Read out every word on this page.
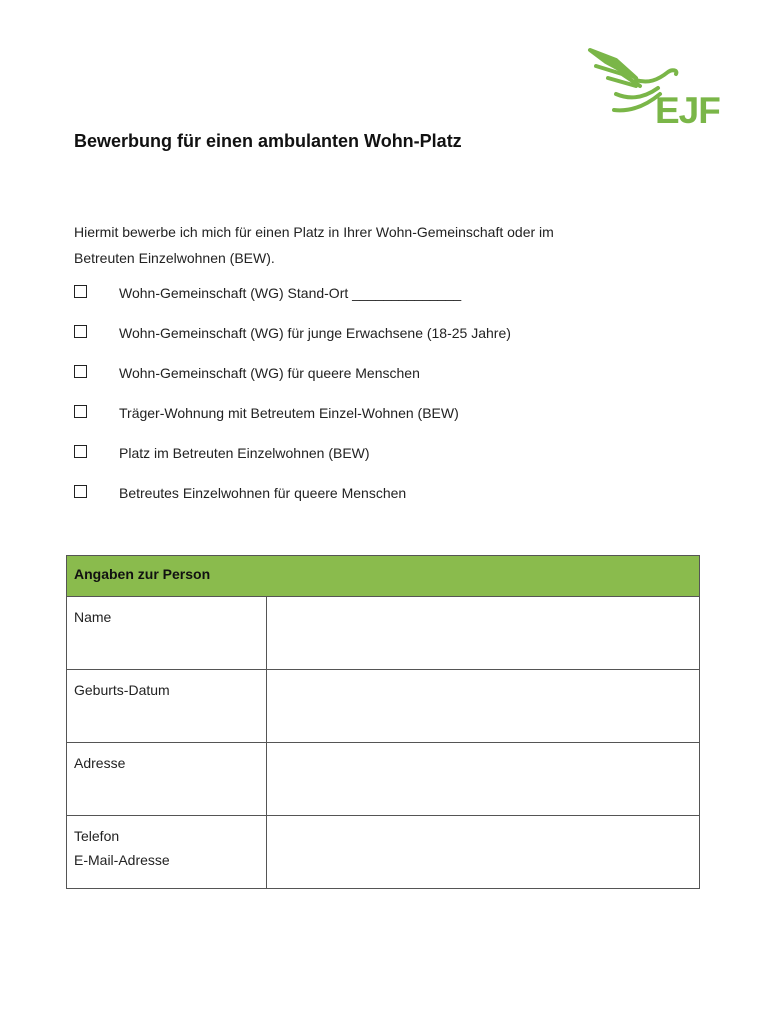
EJF
Bewerbung für einen ambulanten Wohn-Platz

Hiermit bewerbe ich mich für einen Platz in Ihrer Wohn-Gemeinschaft oder im
Betreuten Einzelwohnen (BEW).

Wohn-Gemeinschaft (WG) Stand-Ort ______________
Wohn-Gemeinschaft (WG) für junge Erwachsene (18-25 Jahre)
Wohn-Gemeinschaft (WG) für queere Menschen
Träger-Wohnung mit Betreutem Einzel-Wohnen (BEW)
Platz im Betreuten Einzelwohnen (BEW)
Betreutes Einzelwohnen für queere Menschen
Angaben zur Person	

Name	

Geburts-Datum	

Adresse	

Telefon
E-Mail-Adresse	
